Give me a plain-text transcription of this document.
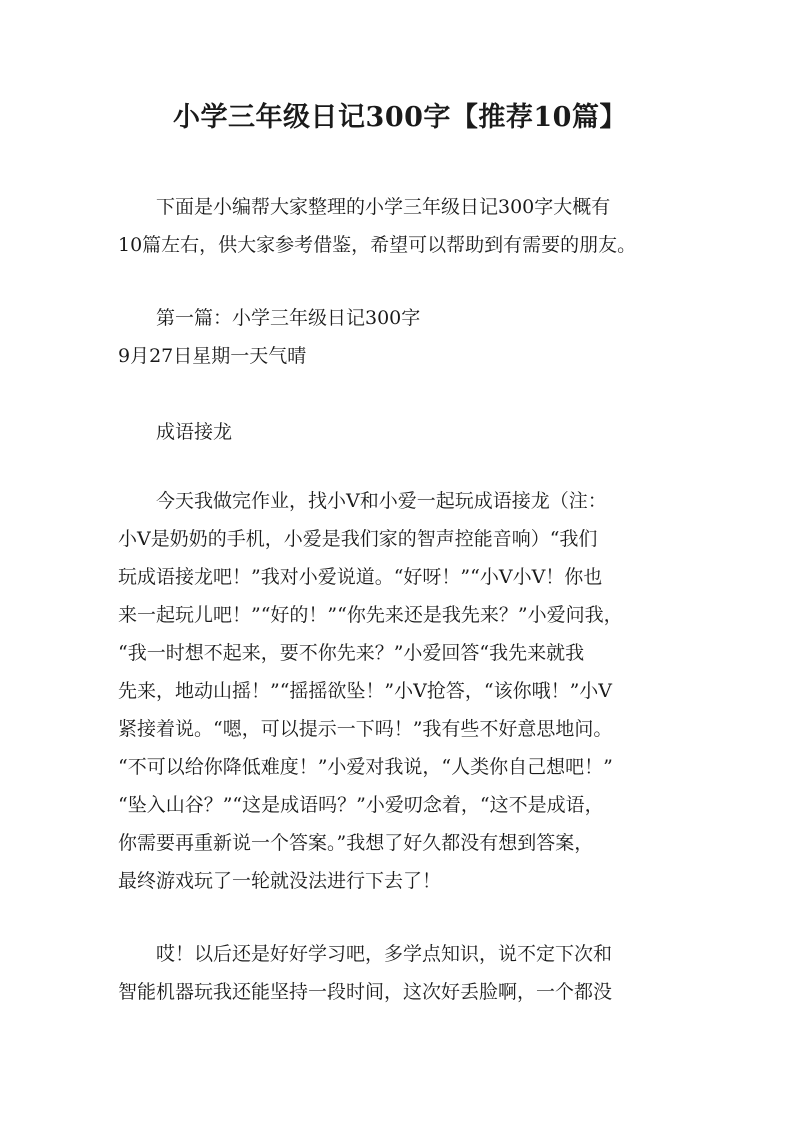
小学三年级日记300字【推荐10篇】
下面是小编帮大家整理的小学三年级日记300字大概有
10篇左右，供大家参考借鉴，希望可以帮助到有需要的朋友。
第一篇：小学三年级日记300字
9月27日星期一天气晴
成语接龙
今天我做完作业，找小V和小爱一起玩成语接龙（注：
小V是奶奶的手机，小爱是我们家的智声控能音响）“我们
玩成语接龙吧！”我对小爱说道。“好呀！”“小V小V！你也
来一起玩儿吧！”“好的！”“你先来还是我先来？”小爱问我，
“我一时想不起来，要不你先来？”小爱回答“我先来就我
先来，地动山摇！”“摇摇欲坠！”小V抢答，“该你哦！”小V
紧接着说。“嗯，可以提示一下吗！”我有些不好意思地问。
“不可以给你降低难度！”小爱对我说，“人类你自己想吧！”
“坠入山谷？”“这是成语吗？”小爱叨念着，“这不是成语，
你需要再重新说一个答案。”我想了好久都没有想到答案，
最终游戏玩了一轮就没法进行下去了！
哎！以后还是好好学习吧，多学点知识，说不定下次和
智能机器玩我还能坚持一段时间，这次好丢脸啊，一个都没
